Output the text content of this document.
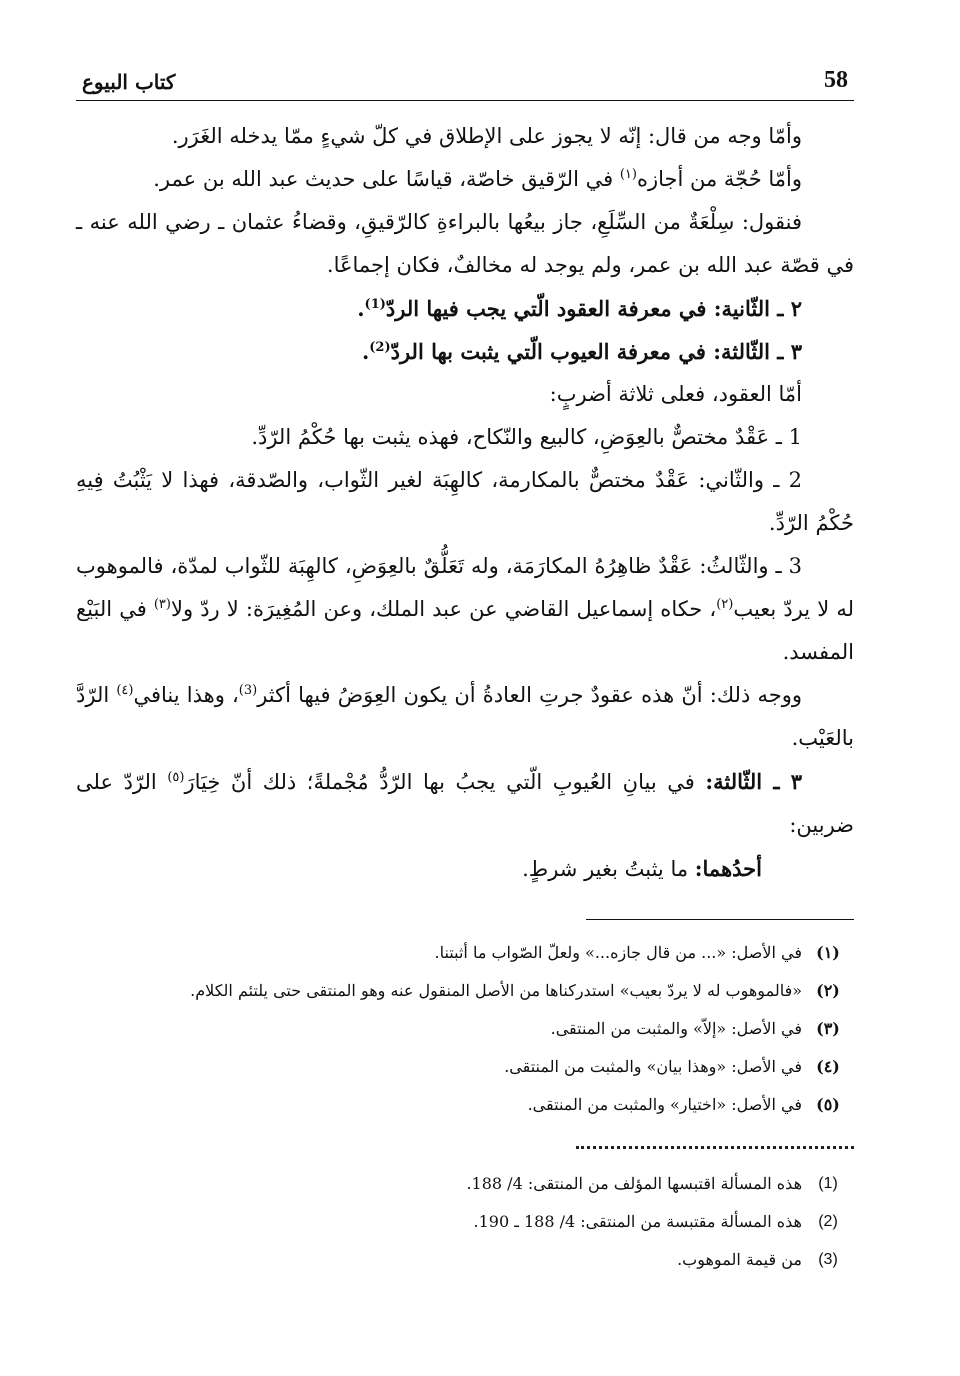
58
كتاب البيوع

وأمّا وجه من قال: إنّه لا يجوز على الإطلاق في كلّ شيءٍ ممّا يدخله الغَرَر.

وأمّا حُجّة من أجازه$^{(١)}$ في الرّقيق خاصّة، قياسًا على حديث عبد الله بن عمر.

فنقول: سِلْعَةٌ من السِّلَعِ، جاز بيعُها بالبراءةِ كالرّقيقِ، وقضاءُ عثمان ـ رضي الله عنه ـ في قصّة عبد الله بن عمر، ولم يوجد له مخالفٌ، فكان إجماعًا.

٢ ـ الثّانية: في معرفة العقود الّتي يجب فيها الردّ$^{(1)}$.

٣ ـ الثّالثة: في معرفة العيوب الّتي يثبت بها الردّ$^{(2)}$.

أمّا العقود، فعلى ثلاثة أضربٍ:

1 ـ عَقْدٌ مختصٌّ بالعِوَضِ، كالبيع والنّكاح، فهذه يثبت بها حُكْمُ الرّدِّ.

2 ـ والثّاني: عَقْدٌ مختصٌّ بالمكارمة، كالهِبَة لغير الثّواب، والصّدقة، فهذا لا يَثْبُتُ فِيهِ حُكْمُ الرّدِّ.

3 ـ والثّالثُ: عَقْدٌ ظاهِرُهُ المكارَمَة، وله تَعَلُّقٌ بالعِوَضِ، كالهِبَة للثّواب لمدّة، فالموهوب له لا يردّ بعيب$^{(٢)}$، حكاه إسماعيل القاضي عن عبد الملك، وعن المُغِيرَة: لا ردّ ولا$^{(٣)}$ في البَيْع المفسد.

ووجه ذلك: أنّ هذه عقودٌ جرتِ العادةُ أن يكون العِوَضُ فيها أكثر$^{(3)}$، وهذا ينافي$^{(٤)}$ الرّدَّ بالعَيْب.

٣ ـ الثّالثة: في بيانِ العُيوبِ الّتي يجبُ بها الرّدُّ مُجْملةً؛ ذلك أنّ خِيَارَ$^{(٥)}$ الرّدّ على ضربين:

أحدُهما: ما يثبتُ بغير شرطٍ.

(١)
في الأصل: «... من قال جازه...» ولعلّ الصّواب ما أثبتنا.
(٢)
«فالموهوب له لا يردّ بعيب» استدركناها من الأصل المنقول عنه وهو المنتقى حتى يلتئم الكلام.
(٣)
في الأصل: «إلاّ» والمثبت من المنتقى.
(٤)
في الأصل: «وهذا بيان» والمثبت من المنتقى.
(٥)
في الأصل: «اختيار» والمثبت من المنتقى.
(1)
هذه المسألة اقتبسها المؤلف من المنتقى: 4/ 188.
(2)
هذه المسألة مقتبسة من المنتقى: 4/ 188 ـ 190.
(3)
من قيمة الموهوب.
